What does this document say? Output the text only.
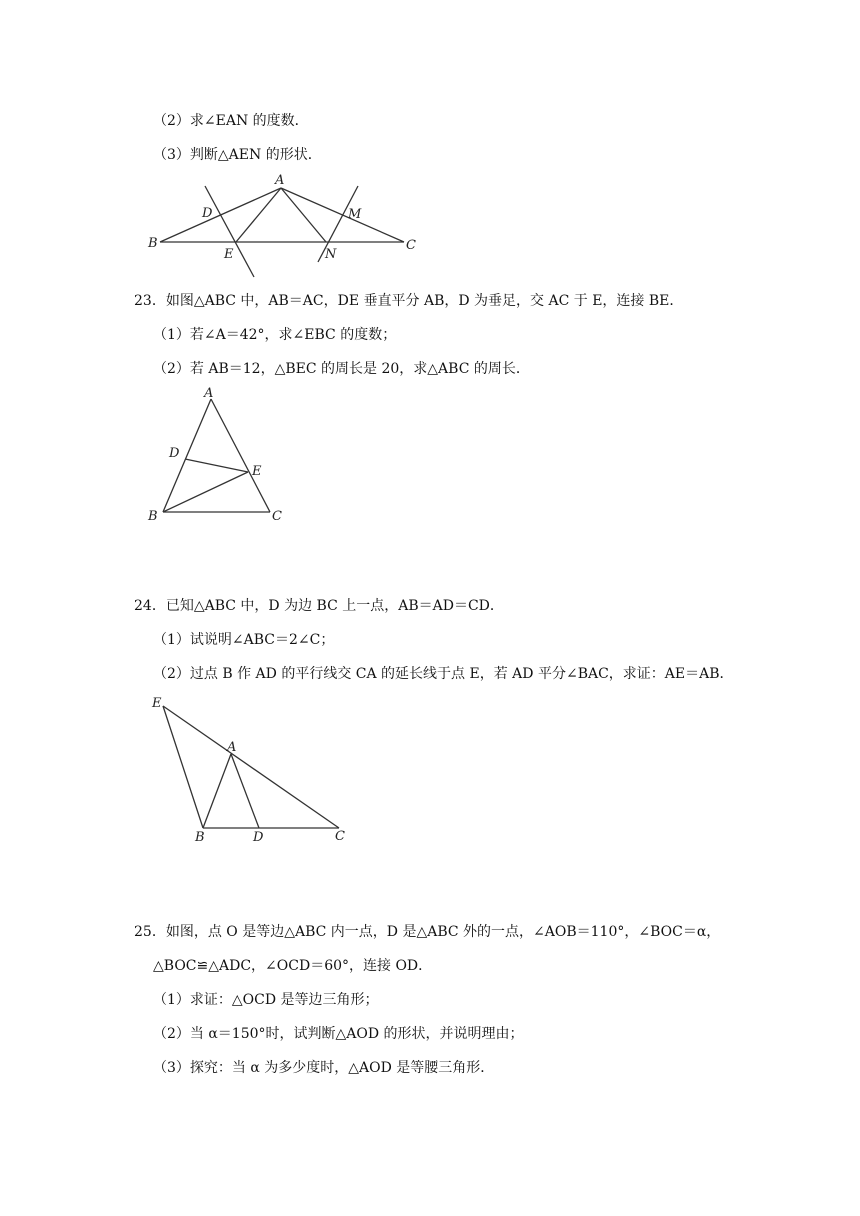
（2）求∠EAN 的度数．
（3）判断△AEN 的形状．
A
D	M
B
E	N
C
23．如图△ABC 中，AB＝AC，DE 垂直平分 AB，D 为垂足，交 AC 于 E，连接 BE．
（1）若∠A＝42°，求∠EBC 的度数；
（2）若 AB＝12，△BEC 的周长是 20，求△ABC 的周长．
A
D
E
B	C
24．已知△ABC 中，D 为边 BC 上一点，AB＝AD＝CD．
（1）试说明∠ABC＝2∠C；
（2）过点 B 作 AD 的平行线交 CA 的延长线于点 E，若 AD 平分∠BAC，求证：AE＝AB．
E
A
B	D	C
25．如图，点 O 是等边△ABC 内一点，D 是△ABC 外的一点，∠AOB＝110°，∠BOC＝α，
△BOC≌△ADC，∠OCD＝60°，连接 OD．
（1）求证：△OCD 是等边三角形；
（2）当 α＝150°时，试判断△AOD 的形状，并说明理由；
（3）探究：当 α 为多少度时，△AOD 是等腰三角形．
